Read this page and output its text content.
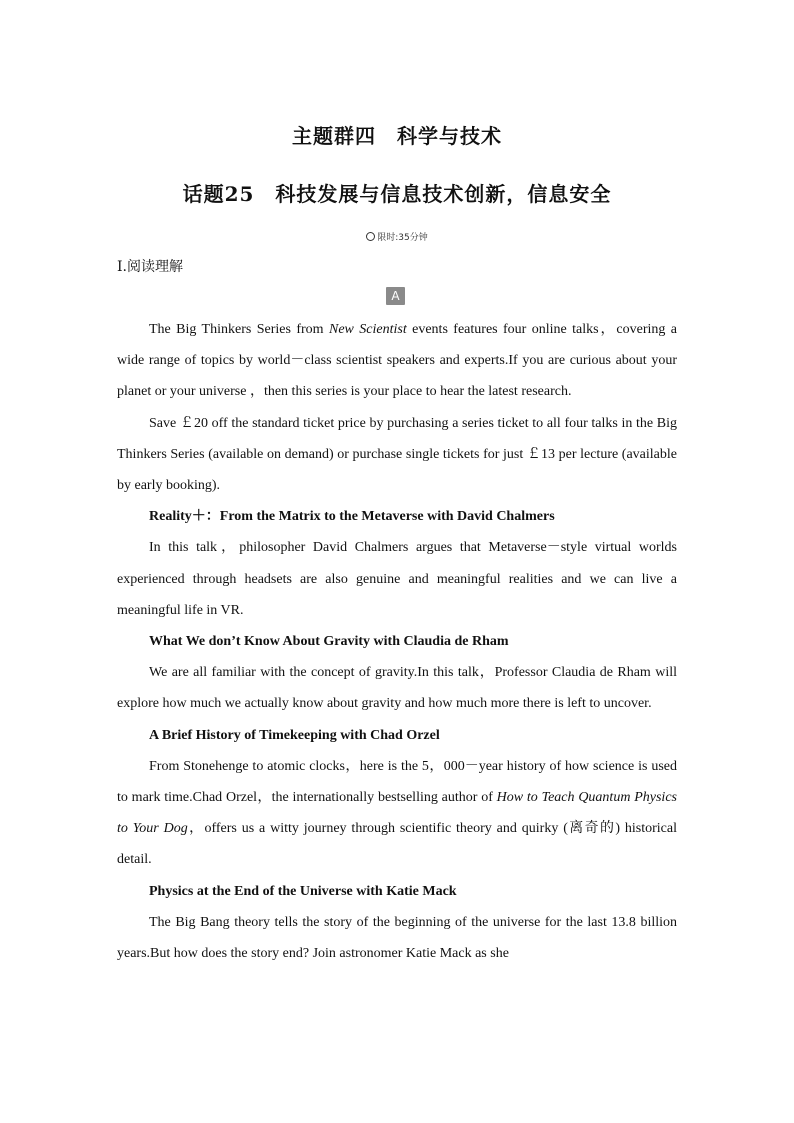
主题群四　科学与技术
话题25　科技发展与信息技术创新，信息安全
限时:35分钟
Ⅰ.阅读理解
A

The Big Thinkers Series from New Scientist events features four online talks，covering a wide range of topics by world－class scientist speakers and experts.If you are curious about your planet or your universe ，then this series is your place to hear the latest research.

Save ￡20 off the standard ticket price by purchasing a series ticket to all four talks in the Big Thinkers Series (available on demand) or purchase single tickets for just ￡13 per lecture (available by early booking).

Reality＋：From the Matrix to the Metaverse with David Chalmers

In this talk，philosopher David Chalmers argues that Metaverse－style virtual worlds experienced through headsets are also genuine and meaningful realities and we can live a meaningful life in VR.

What We don’t Know About Gravity with Claudia de Rham

We are all familiar with the concept of gravity.In this talk，Professor Claudia de Rham will explore how much we actually know about gravity and how much more there is left to uncover.

A Brief History of Timekeeping with Chad Orzel

From Stonehenge to atomic clocks，here is the 5，000－year history of how science is used to mark time.Chad Orzel，the internationally bestselling author of How to Teach Quantum Physics to Your Dog，offers us a witty journey through scientific theory and quirky (离奇的) historical detail.

Physics at the End of the Universe with Katie Mack

The Big Bang theory tells the story of the beginning of the universe for the last 13.8 billion years.But how does the story end? Join astronomer Katie Mack as she
